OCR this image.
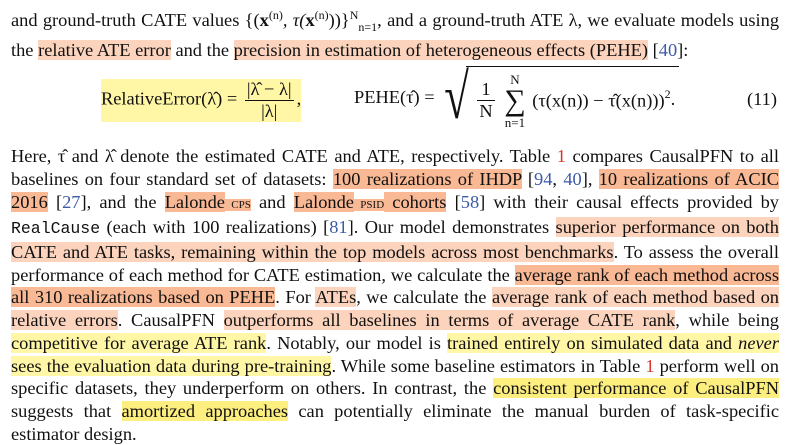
and ground-truth CATE values {($x^{(n)}$, $\tau(x^{(n)}))\}^N_{n=1}$, and a ground-truth ATE λ, we evaluate models using the relative ATE error and the precision in estimation of heterogeneous effects (PEHE) [40]:

RelativeError(λ̂) = $\frac{|\lambdâ - \lambda|}{|\lambda|}$ ,	PEHE(τ̂) = √ $\frac{1}{N}$ N
∑
n=1 (τ(x(n)) − τ̂(x(n)))$^2$.	(11)

Here, τ̂ and λ̂ denote the estimated CATE and ATE, respectively. Table 1 compares CausalPFN to all baselines on four standard set of datasets: 100 realizations of IHDP [94, 40], 10 realizations of ACIC 2016 [27], and the Lalonde CPS and Lalonde PSID cohorts [58] with their causal effects provided by RealCause (each with 100 realizations) [81]. Our model demonstrates superior performance on both CATE and ATE tasks, remaining within the top models across most benchmarks. To assess the overall performance of each method for CATE estimation, we calculate the average rank of each method across all 310 realizations based on PEHE. For ATEs, we calculate the average rank of each method based on relative errors. CausalPFN outperforms all baselines in terms of average CATE rank, while being competitive for average ATE rank. Notably, our model is trained entirely on simulated data and never sees the evaluation data during pre-training. While some baseline estimators in Table 1 perform well on specific datasets, they underperform on others. In contrast, the consistent performance of CausalPFN suggests that amortized approaches can potentially eliminate the manual burden of task-specific estimator design.
